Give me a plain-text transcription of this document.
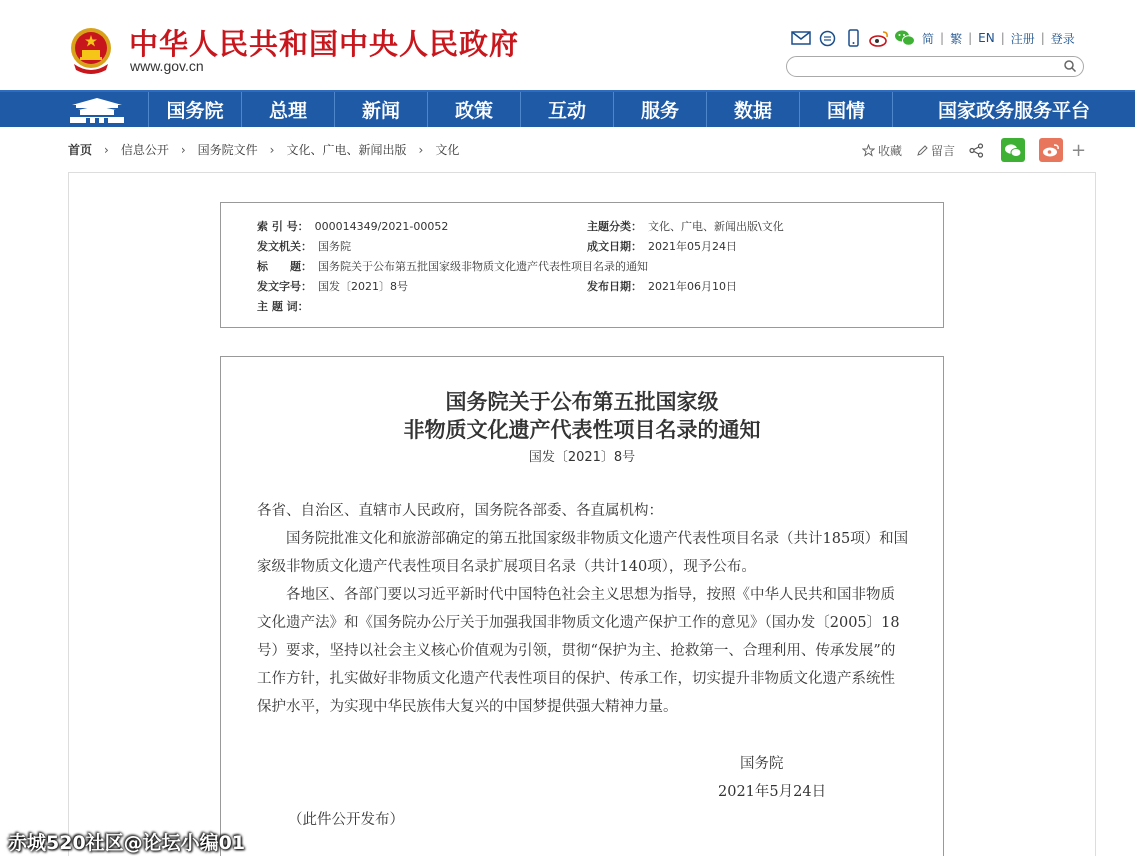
中华人民共和国中央人民政府
www.gov.cn
简 | 繁 | EN | 注册 | 登录
国务院	总理	新闻	政策	互动	服务	数据	国情	国家政务服务平台
首页 › 信息公开 › 国务院文件 › 文化、广电、新闻出版 › 文化	收藏 留言	+
索 引 号： 000014349/2021-00052	主题分类： 文化、广电、新闻出版\文化
发文机关： 国务院	成文日期： 2021年05月24日
标　　题： 国务院关于公布第五批国家级非物质文化遗产代表性项目名录的通知
发文字号： 国发〔2021〕8号	发布日期： 2021年06月10日
主 题 词：
国务院关于公布第五批国家级
非物质文化遗产代表性项目名录的通知
国发〔2021〕8号
各省、自治区、直辖市人民政府，国务院各部委、各直属机构：
国务院批准文化和旅游部确定的第五批国家级非物质文化遗产代表性项目名录（共计185项）和国家级非物质文化遗产代表性项目名录扩展项目名录（共计140项），现予公布。
各地区、各部门要以习近平新时代中国特色社会主义思想为指导，按照《中华人民共和国非物质文化遗产法》和《国务院办公厅关于加强我国非物质文化遗产保护工作的意见》（国办发〔2005〕18号）要求，坚持以社会主义核心价值观为引领，贯彻“保护为主、抢救第一、合理利用、传承发展”的工作方针，扎实做好非物质文化遗产代表性项目的保护、传承工作，切实提升非物质文化遗产系统性保护水平，为实现中华民族伟大复兴的中国梦提供强大精神力量。
国务院
2021年5月24日
（此件公开发布）
赤城520社区@论坛小编01
